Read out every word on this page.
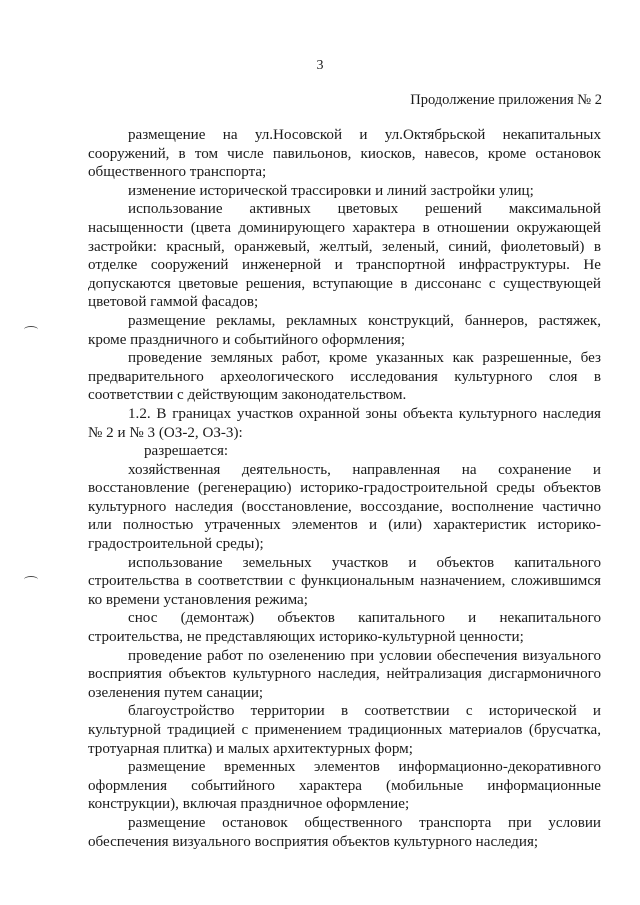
3
Продолжение приложения № 2

размещение на ул.Носовской и ул.Октябрьской некапитальных сооружений, в том числе павильонов, киосков, навесов, кроме остановок общественного транспорта;

изменение исторической трассировки и линий застройки улиц;

использование активных цветовых решений максимальной насыщенности (цвета доминирующего характера в отношении окружающей застройки: красный, оранжевый, желтый, зеленый, синий, фиолетовый) в отделке сооружений инженерной и транспортной инфраструктуры. Не допускаются цветовые решения, вступающие в диссонанс с существующей цветовой гаммой фасадов;

размещение рекламы, рекламных конструкций, баннеров, растяжек, кроме праздничного и событийного оформления;

проведение земляных работ, кроме указанных как разрешенные, без предварительного археологического исследования культурного слоя в соответствии с действующим законодательством.

1.2. В границах участков охранной зоны объекта культурного наследия № 2 и № 3 (ОЗ-2, ОЗ-3):

разрешается:

хозяйственная деятельность, направленная на сохранение и восстановление (регенерацию) историко-градостроительной среды объектов культурного наследия (восстановление, воссоздание, восполнение частично или полностью утраченных элементов и (или) характеристик историко-градостроительной среды);

использование земельных участков и объектов капитального строительства в соответствии с функциональным назначением, сложившимся ко времени установления режима;

снос (демонтаж) объектов капитального и некапитального строительства, не представляющих историко-культурной ценности;

проведение работ по озеленению при условии обеспечения визуального восприятия объектов культурного наследия, нейтрализация дисгармоничного озеленения путем санации;

благоустройство территории в соответствии с исторической и культурной традицией с применением традиционных материалов (брусчатка, тротуарная плитка) и малых архитектурных форм;

размещение временных элементов информационно-декоративного оформления событийного характера (мобильные информационные конструкции), включая праздничное оформление;

размещение остановок общественного транспорта при условии обеспечения визуального восприятия объектов культурного наследия;
